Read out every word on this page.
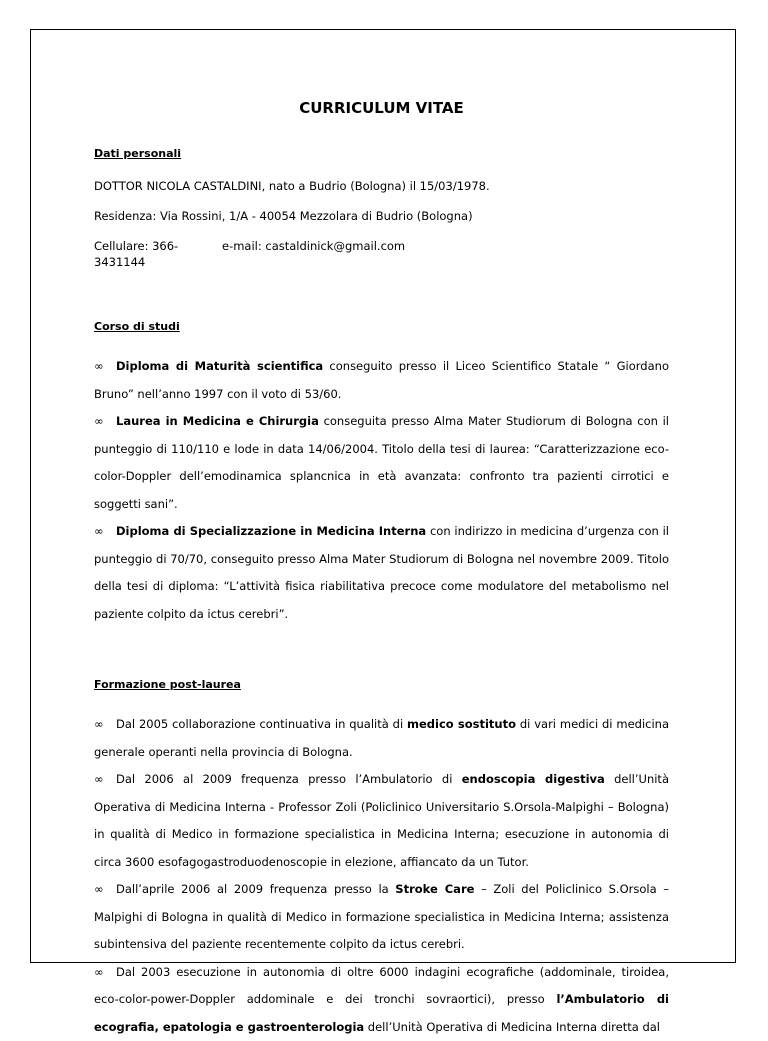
CURRICULUM VITAE

Dati personali

DOTTOR NICOLA CASTALDINI, nato a Budrio (Bologna) il 15/03/1978.

Residenza: Via Rossini, 1/A - 40054 Mezzolara di Budrio (Bologna)

Cellulare: 366-3431144
e-mail: castaldinick@gmail.com

Corso di studi

∞ Diploma di Maturità scientifica conseguito presso il Liceo Scientifico Statale “ Giordano Bruno” nell’anno 1997 con il voto di 53/60.
∞ Laurea in Medicina e Chirurgia conseguita presso Alma Mater Studiorum di Bologna con il punteggio di 110/110 e lode in data 14/06/2004. Titolo della tesi di laurea: “Caratterizzazione eco-color-Doppler dell’emodinamica splancnica in età avanzata: confronto tra pazienti cirrotici e soggetti sani”.
∞ Diploma di Specializzazione in Medicina Interna con indirizzo in medicina d’urgenza con il punteggio di 70/70, conseguito presso Alma Mater Studiorum di Bologna nel novembre 2009. Titolo della tesi di diploma: “L’attività fisica riabilitativa precoce come modulatore del metabolismo nel paziente colpito da ictus cerebri”.

Formazione post-laurea

∞ Dal 2005 collaborazione continuativa in qualità di medico sostituto di vari medici di medicina generale operanti nella provincia di Bologna.
∞ Dal 2006 al 2009 frequenza presso l’Ambulatorio di endoscopia digestiva dell’Unità Operativa di Medicina Interna - Professor Zoli (Policlinico Universitario S.Orsola-Malpighi – Bologna) in qualità di Medico in formazione specialistica in Medicina Interna; esecuzione in autonomia di circa 3600 esofagogastroduodenoscopie in elezione, affiancato da un Tutor.
∞ Dall’aprile 2006 al 2009 frequenza presso la Stroke Care – Zoli del Policlinico S.Orsola – Malpighi di Bologna in qualità di Medico in formazione specialistica in Medicina Interna; assistenza subintensiva del paziente recentemente colpito da ictus cerebri.
∞ Dal 2003 esecuzione in autonomia di oltre 6000 indagini ecografiche (addominale, tiroidea, eco-color-power-Doppler addominale e dei tronchi sovraortici), presso l’Ambulatorio di ecografia, epatologia e gastroenterologia dell’Unità Operativa di Medicina Interna diretta dal
